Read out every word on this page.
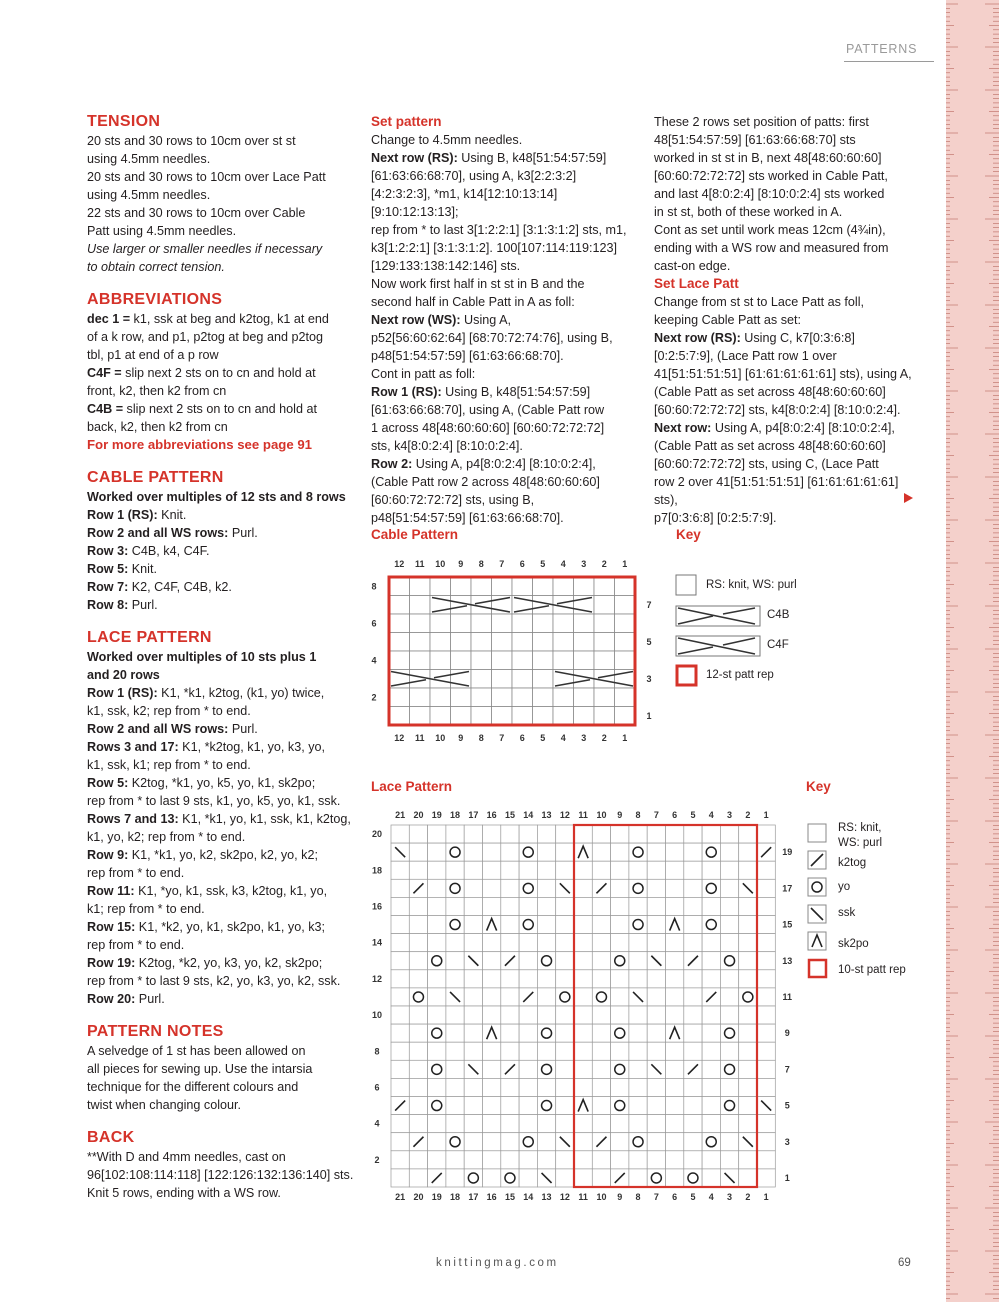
PATTERNS
knittingmag.com	69

TENSION

20 sts and 30 rows to 10cm over st st

using 4.5mm needles.

20 sts and 30 rows to 10cm over Lace Patt

using 4.5mm needles.

22 sts and 30 rows to 10cm over Cable

Patt using 4.5mm needles.

Use larger or smaller needles if necessary

to obtain correct tension.

ABBREVIATIONS

dec 1 = k1, ssk at beg and k2tog, k1 at end

of a k row, and p1, p2tog at beg and p2tog

tbl, p1 at end of a p row

C4F = slip next 2 sts on to cn and hold at

front, k2, then k2 from cn

C4B = slip next 2 sts on to cn and hold at

back, k2, then k2 from cn

For more abbreviations see page 91

CABLE PATTERN

Worked over multiples of 12 sts and 8 rows

Row 1 (RS): Knit.

Row 2 and all WS rows: Purl.

Row 3: C4B, k4, C4F.

Row 5: Knit.

Row 7: K2, C4F, C4B, k2.

Row 8: Purl.

LACE PATTERN

Worked over multiples of 10 sts plus 1

and 20 rows

Row 1 (RS): K1, *k1, k2tog, (k1, yo) twice,

k1, ssk, k2; rep from * to end.

Row 2 and all WS rows: Purl.

Rows 3 and 17: K1, *k2tog, k1, yo, k3, yo,

k1, ssk, k1; rep from * to end.

Row 5: K2tog, *k1, yo, k5, yo, k1, sk2po;

rep from * to last 9 sts, k1, yo, k5, yo, k1, ssk.

Rows 7 and 13: K1, *k1, yo, k1, ssk, k1, k2tog,

k1, yo, k2; rep from * to end.

Row 9: K1, *k1, yo, k2, sk2po, k2, yo, k2;

rep from * to end.

Row 11: K1, *yo, k1, ssk, k3, k2tog, k1, yo,

k1; rep from * to end.

Row 15: K1, *k2, yo, k1, sk2po, k1, yo, k3;

rep from * to end.

Row 19: K2tog, *k2, yo, k3, yo, k2, sk2po;

rep from * to last 9 sts, k2, yo, k3, yo, k2, ssk.

Row 20: Purl.

PATTERN NOTES

A selvedge of 1 st has been allowed on

all pieces for sewing up. Use the intarsia

technique for the different colours and

twist when changing colour.

BACK

**With D and 4mm needles, cast on

96[102:108:114:118] [122:126:132:136:140] sts.

Knit 5 rows, ending with a WS row.

Set pattern

Change to 4.5mm needles.

Next row (RS): Using B, k48[51:54:57:59]

[61:63:66:68:70], using A, k3[2:2:3:2]

[4:2:3:2:3], *m1, k14[12:10:13:14] [9:10:12:13:13];

rep from * to last 3[1:2:2:1] [3:1:3:1:2] sts, m1,

k3[1:2:2:1] [3:1:3:1:2]. 100[107:114:119:123]

[129:133:138:142:146] sts.

Now work first half in st st in B and the

second half in Cable Patt in A as foll:

Next row (WS): Using A,

p52[56:60:62:64] [68:70:72:74:76], using B,

p48[51:54:57:59] [61:63:66:68:70].

Cont in patt as foll:

Row 1 (RS): Using B, k48[51:54:57:59]

[61:63:66:68:70], using A, (Cable Patt row

1 across 48[48:60:60:60] [60:60:72:72:72]

sts, k4[8:0:2:4] [8:10:0:2:4].

Row 2: Using A, p4[8:0:2:4] [8:10:0:2:4],

(Cable Patt row 2 across 48[48:60:60:60]

[60:60:72:72:72] sts, using B,

p48[51:54:57:59] [61:63:66:68:70].

These 2 rows set position of patts: first

48[51:54:57:59] [61:63:66:68:70] sts

worked in st st in B, next 48[48:60:60:60]

[60:60:72:72:72] sts worked in Cable Patt,

and last 4[8:0:2:4] [8:10:0:2:4] sts worked

in st st, both of these worked in A.

Cont as set until work meas 12cm (4¾in),

ending with a WS row and measured from

cast-on edge.

Set Lace Patt

Change from st st to Lace Patt as foll,

keeping Cable Patt as set:

Next row (RS): Using C, k7[0:3:6:8]

[0:2:5:7:9], (Lace Patt row 1 over

41[51:51:51:51] [61:61:61:61:61] sts), using A,

(Cable Patt as set across 48[48:60:60:60]

[60:60:72:72:72] sts, k4[8:0:2:4] [8:10:0:2:4].

Next row: Using A, p4[8:0:2:4] [8:10:0:2:4],

(Cable Patt as set across 48[48:60:60:60]

[60:60:72:72:72] sts, using C, (Lace Patt

row 2 over 41[51:51:51:51] [61:61:61:61:61] sts),

p7[0:3:6:8] [0:2:5:7:9].

Cable Pattern	Key
12
12
11
11
10
10
9
9
8
8
7
7
6
6
5
5
4
4
3
3
2
2
1
1
8
6
4
2
7
5
3
1
RS: knit, WS: purl
C4B
C4F
12-st patt rep
Lace Pattern	Key
21
21
20
20
19
19
18
18
17
17
16
16
15
15
14
14
13
13
12
12
11
11
10
10
9
9
8
8
7
7
6
6
5
5
4
4
3
3
2
2
1
1
20
18
16
14
12
10
8
6
4
2
19
17
15
13
11
9
7
5
3
1
RS: knit,
WS: purl
k2tog
yo
ssk
sk2po
10-st patt rep
